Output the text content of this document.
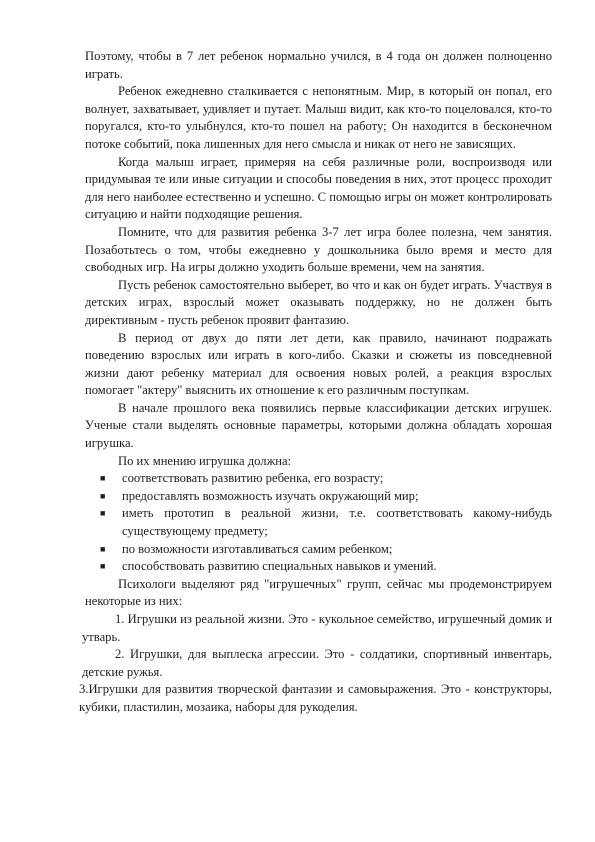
Поэтому, чтобы в 7 лет ребенок нормально учился, в 4 года он должен полноценно играть.

Ребенок ежедневно сталкивается с непонятным. Мир, в который он попал, его волнует, захватывает, удивляет и путает. Малыш видит, как кто-то поцеловался, кто-то поругался, кто-то улыбнулся, кто-то пошел на работу; Он находится в бесконечном потоке событий, пока лишенных для него смысла и никак от него не зависящих.

Когда малыш играет, примеряя на себя различные роли, воспроизводя или придумывая те или иные ситуации и способы поведения в них, этот процесс проходит для него наиболее естественно и успешно. С помощью игры он может контролировать ситуацию и найти подходящие решения.

Помните, что для развития ребенка 3-7 лет игра более полезна, чем занятия. Позаботьтесь о том, чтобы ежедневно у дошкольника было время и место для свободных игр. На игры должно уходить больше времени, чем на занятия.

Пусть ребенок самостоятельно выберет, во что и как он будет играть. Участвуя в детских играх, взрослый может оказывать поддержку, но не должен быть директивным - пусть ребенок проявит фантазию.

В период от двух до пяти лет дети, как правило, начинают подражать поведению взрослых или играть в кого-либо. Сказки и сюжеты из повседневной жизни дают ребенку материал для освоения новых ролей, а реакция взрослых помогает "актеру" выяснить их отношение к его различным поступкам.

В начале прошлого века появились первые классификации детских игрушек. Ученые стали выделять основные параметры, которыми должна обладать хорошая игрушка.

По их мнению игрушка должна:

■ соответствовать развитию ребенка, его возрасту;
■ предоставлять возможность изучать окружающий мир;
■ иметь прототип в реальной жизни, т.е. соответствовать какому-нибудь существующему предмету;
■ по возможности изготавливаться самим ребенком;
■ способствовать развитию специальных навыков и умений.

Психологи выделяют ряд "игрушечных" групп, сейчас мы продемонстрируем некоторые из них:

1. Игрушки из реальной жизни. Это - кукольное семейство, игрушечный домик и утварь.

2. Игрушки, для выплеска агрессии. Это - солдатики, спортивный инвентарь, детские ружья.

3.Игрушки для развития творческой фантазии и самовыражения. Это - конструкторы, кубики, пластилин, мозаика, наборы для рукоделия.
